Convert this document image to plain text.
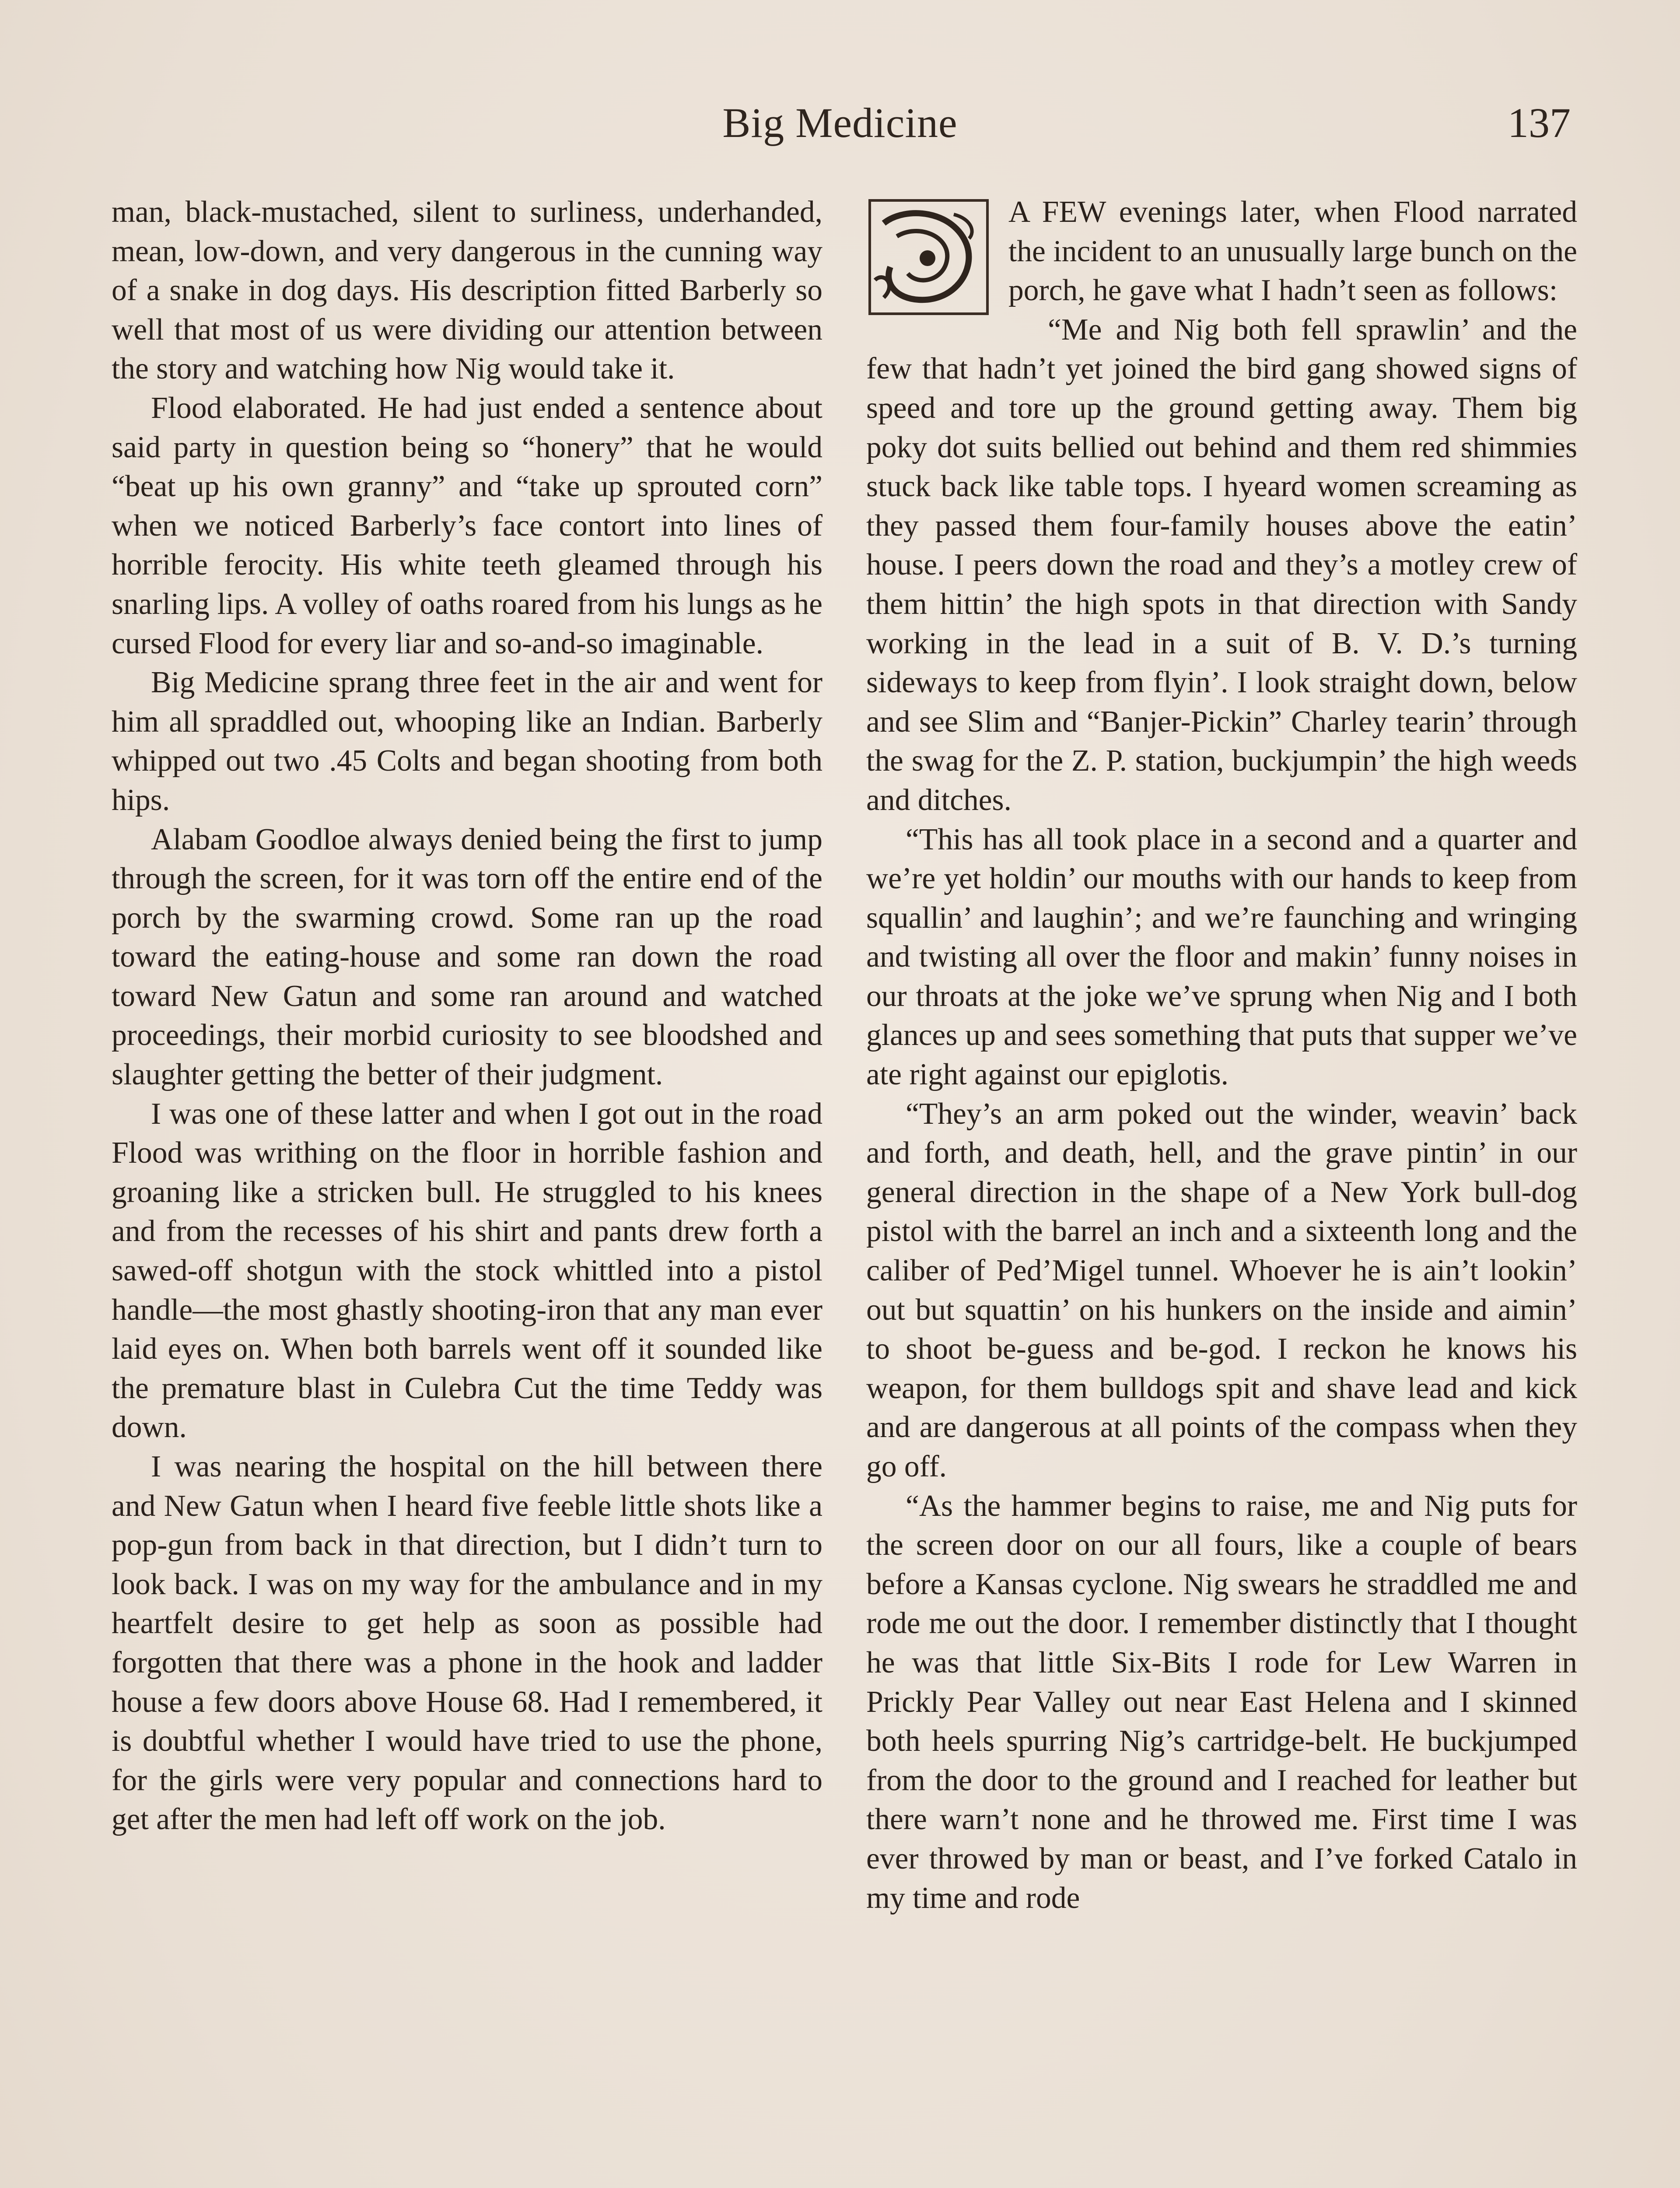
Big Medicine	137

man, black-mustached, silent to surliness, underhanded, mean, low-down, and very dangerous in the cunning way of a snake in dog days. His description fitted Barberly so well that most of us were dividing our attention between the story and watching how Nig would take it.

Flood elaborated. He had just ended a sentence about said party in question being so “honery” that he would “beat up his own granny” and “take up sprouted corn” when we noticed Barberly’s face contort into lines of horrible ferocity. His white teeth gleamed through his snarling lips. A volley of oaths roared from his lungs as he cursed Flood for every liar and so-and-so imaginable.

Big Medicine sprang three feet in the air and went for him all spraddled out, whooping like an Indian. Barberly whipped out two .45 Colts and began shooting from both hips.

Alabam Goodloe always denied being the first to jump through the screen, for it was torn off the entire end of the porch by the swarming crowd. Some ran up the road toward the eating-house and some ran down the road toward New Gatun and some ran around and watched proceedings, their morbid curiosity to see bloodshed and slaughter getting the better of their judgment.

I was one of these latter and when I got out in the road Flood was writhing on the floor in horrible fashion and groaning like a stricken bull. He struggled to his knees and from the recesses of his shirt and pants drew forth a sawed-off shotgun with the stock whittled into a pistol handle—the most ghastly shooting-iron that any man ever laid eyes on. When both barrels went off it sounded like the premature blast in Culebra Cut the time Teddy was down.

I was nearing the hospital on the hill between there and New Gatun when I heard five feeble little shots like a pop-gun from back in that direction, but I didn’t turn to look back. I was on my way for the ambulance and in my heartfelt desire to get help as soon as possible had forgotten that there was a phone in the hook and ladder house a few doors above House 68. Had I remembered, it is doubtful whether I would have tried to use the phone, for the girls were very popular and connections hard to get after the men had left off work on the job.

A FEW evenings later, when Flood narrated the incident to an unusually large bunch on the porch, he gave what I hadn’t seen as follows:

“Me and Nig both fell sprawlin’ and the few that hadn’t yet joined the bird gang showed signs of speed and tore up the ground getting away. Them big poky dot suits bellied out behind and them red shimmies stuck back like table tops. I hyeard women screaming as they passed them four-family houses above the eatin’ house. I peers down the road and they’s a motley crew of them hittin’ the high spots in that direction with Sandy working in the lead in a suit of B. V. D.’s turning sideways to keep from flyin’. I look straight down, below and see Slim and “Banjer-Pickin” Charley tearin’ through the swag for the Z. P. station, buckjumpin’ the high weeds and ditches.

“This has all took place in a second and a quarter and we’re yet holdin’ our mouths with our hands to keep from squallin’ and laughin’; and we’re faunching and wringing and twisting all over the floor and makin’ funny noises in our throats at the joke we’ve sprung when Nig and I both glances up and sees something that puts that supper we’ve ate right against our epiglotis.

“They’s an arm poked out the winder, weavin’ back and forth, and death, hell, and the grave pintin’ in our general direction in the shape of a New York bull-dog pistol with the barrel an inch and a sixteenth long and the caliber of Ped’Migel tunnel. Whoever he is ain’t lookin’ out but squattin’ on his hunkers on the inside and aimin’ to shoot be-guess and be-god. I reckon he knows his weapon, for them bulldogs spit and shave lead and kick and are dangerous at all points of the compass when they go off.

“As the hammer begins to raise, me and Nig puts for the screen door on our all fours, like a couple of bears before a Kansas cyclone. Nig swears he straddled me and rode me out the door. I remember distinctly that I thought he was that little Six-Bits I rode for Lew Warren in Prickly Pear Valley out near East Helena and I skinned both heels spurring Nig’s cartridge-belt. He buckjumped from the door to the ground and I reached for leather but there warn’t none and he throwed me. First time I was ever throwed by man or beast, and I’ve forked Catalo in my time and rode
